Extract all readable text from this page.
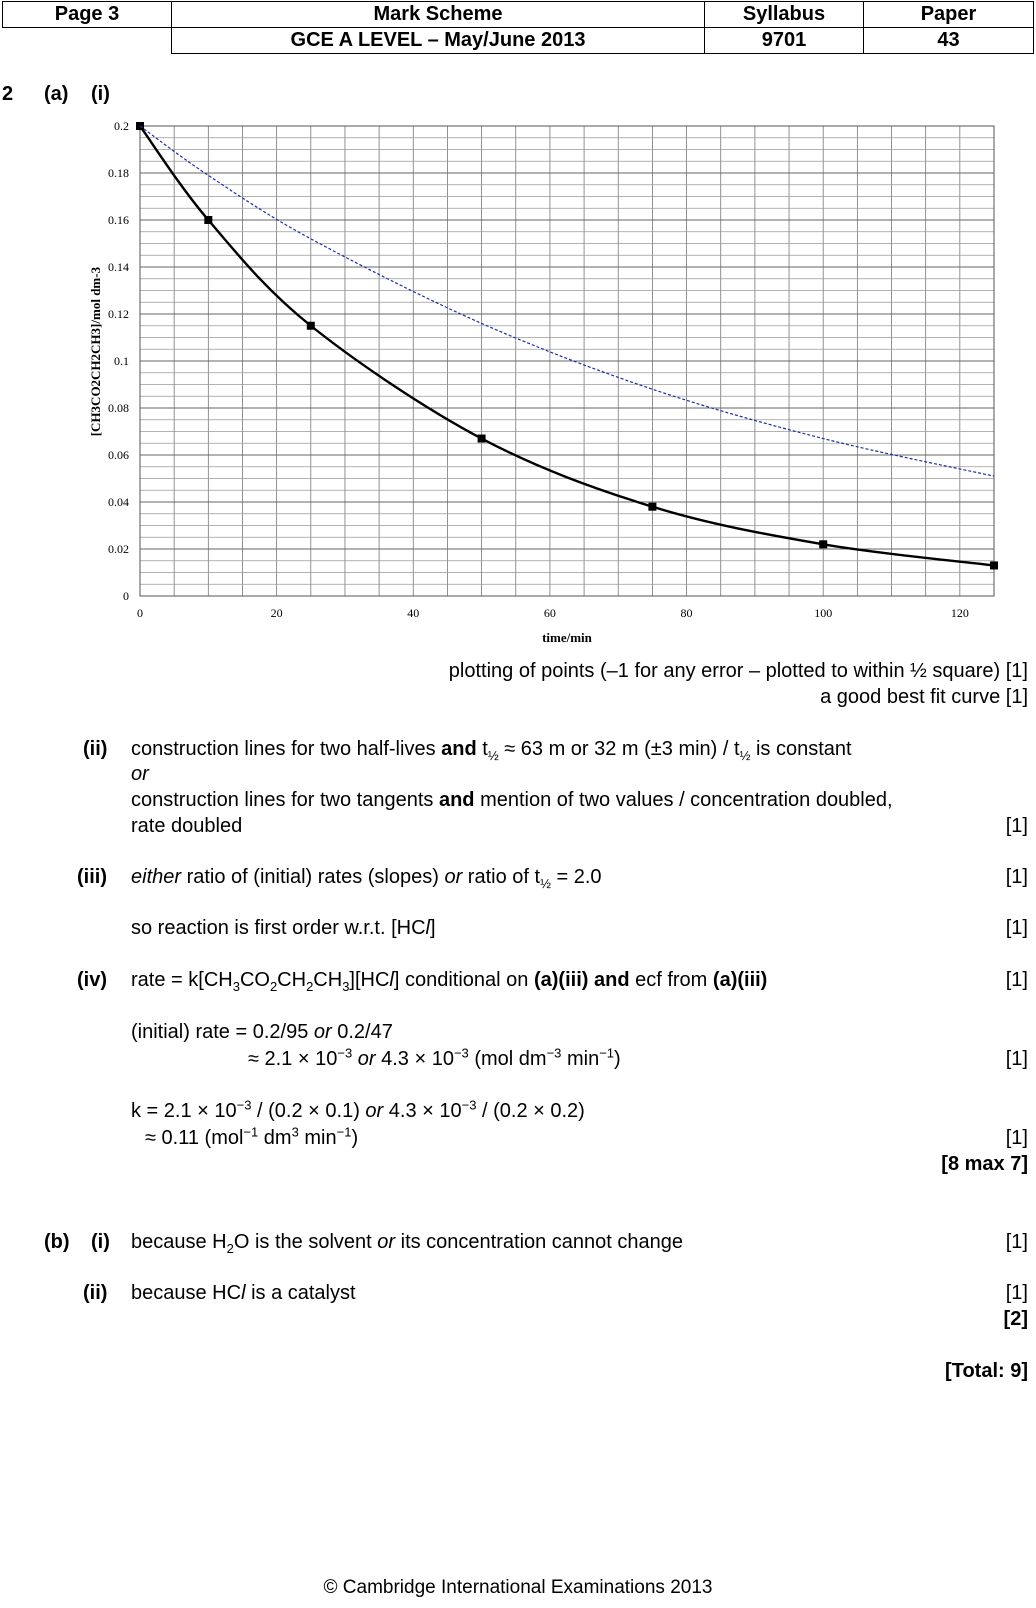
Page 3	Mark Scheme	Syllabus	Paper
	GCE A LEVEL – May/June 2013	9701	43
2 (a) (i)
0	20	40	60	80	100	120
0
0.02
0.04
0.06
0.08
0.1
0.12
0.14
0.16
0.18
0.2
time/min
[CH3CO2CH2CH3]/mol dm-3
plotting of points (–1 for any error – plotted to within ½ square) [1]
a good best fit curve [1]
(ii) construction lines for two half-lives and $t_{\frac{1}{2}} \approx 63$ m or 32 m (±3 $\min) / t_{\frac{1}{2}}$ is constant
or
construction lines for two tangents and mention of two values / concentration doubled,
rate doubled	[1]
(iii) either ratio of (initial) rates (slopes) or ratio of $t_{\frac{1}{2}} = 2.0$	[1]
so reaction is first order w.r.t. [HCl]	[1]
(iv) rate = $k[CH_3CO_2CH_2CH_3][HCl]$ conditional on (a)(iii) and ecf from (a)(iii)	[1]
(initial) rate = 0.2/95 or 0.2/47
≈ $2.1 \times 10^{-3}$ or $4.3 \times 10^{-3}$ (mol $dm^{-3}$ $\min^{-1}$)	[1]
$k = 2.1 \times 10^{-3} / (0.2 \times 0.1)$ or $4.3 \times 10^{-3} / (0.2 \times 0.2)$
≈ 0.11 (mol$^{-1}$ $dm^3$ $\min^{-1}$)	[1]
[8 max 7]
(b) (i) because $H_2O$ is the solvent or its concentration cannot change	[1]
(ii) because HCl is a catalyst	[1]
[2]
[Total: 9]
© Cambridge International Examinations 2013
